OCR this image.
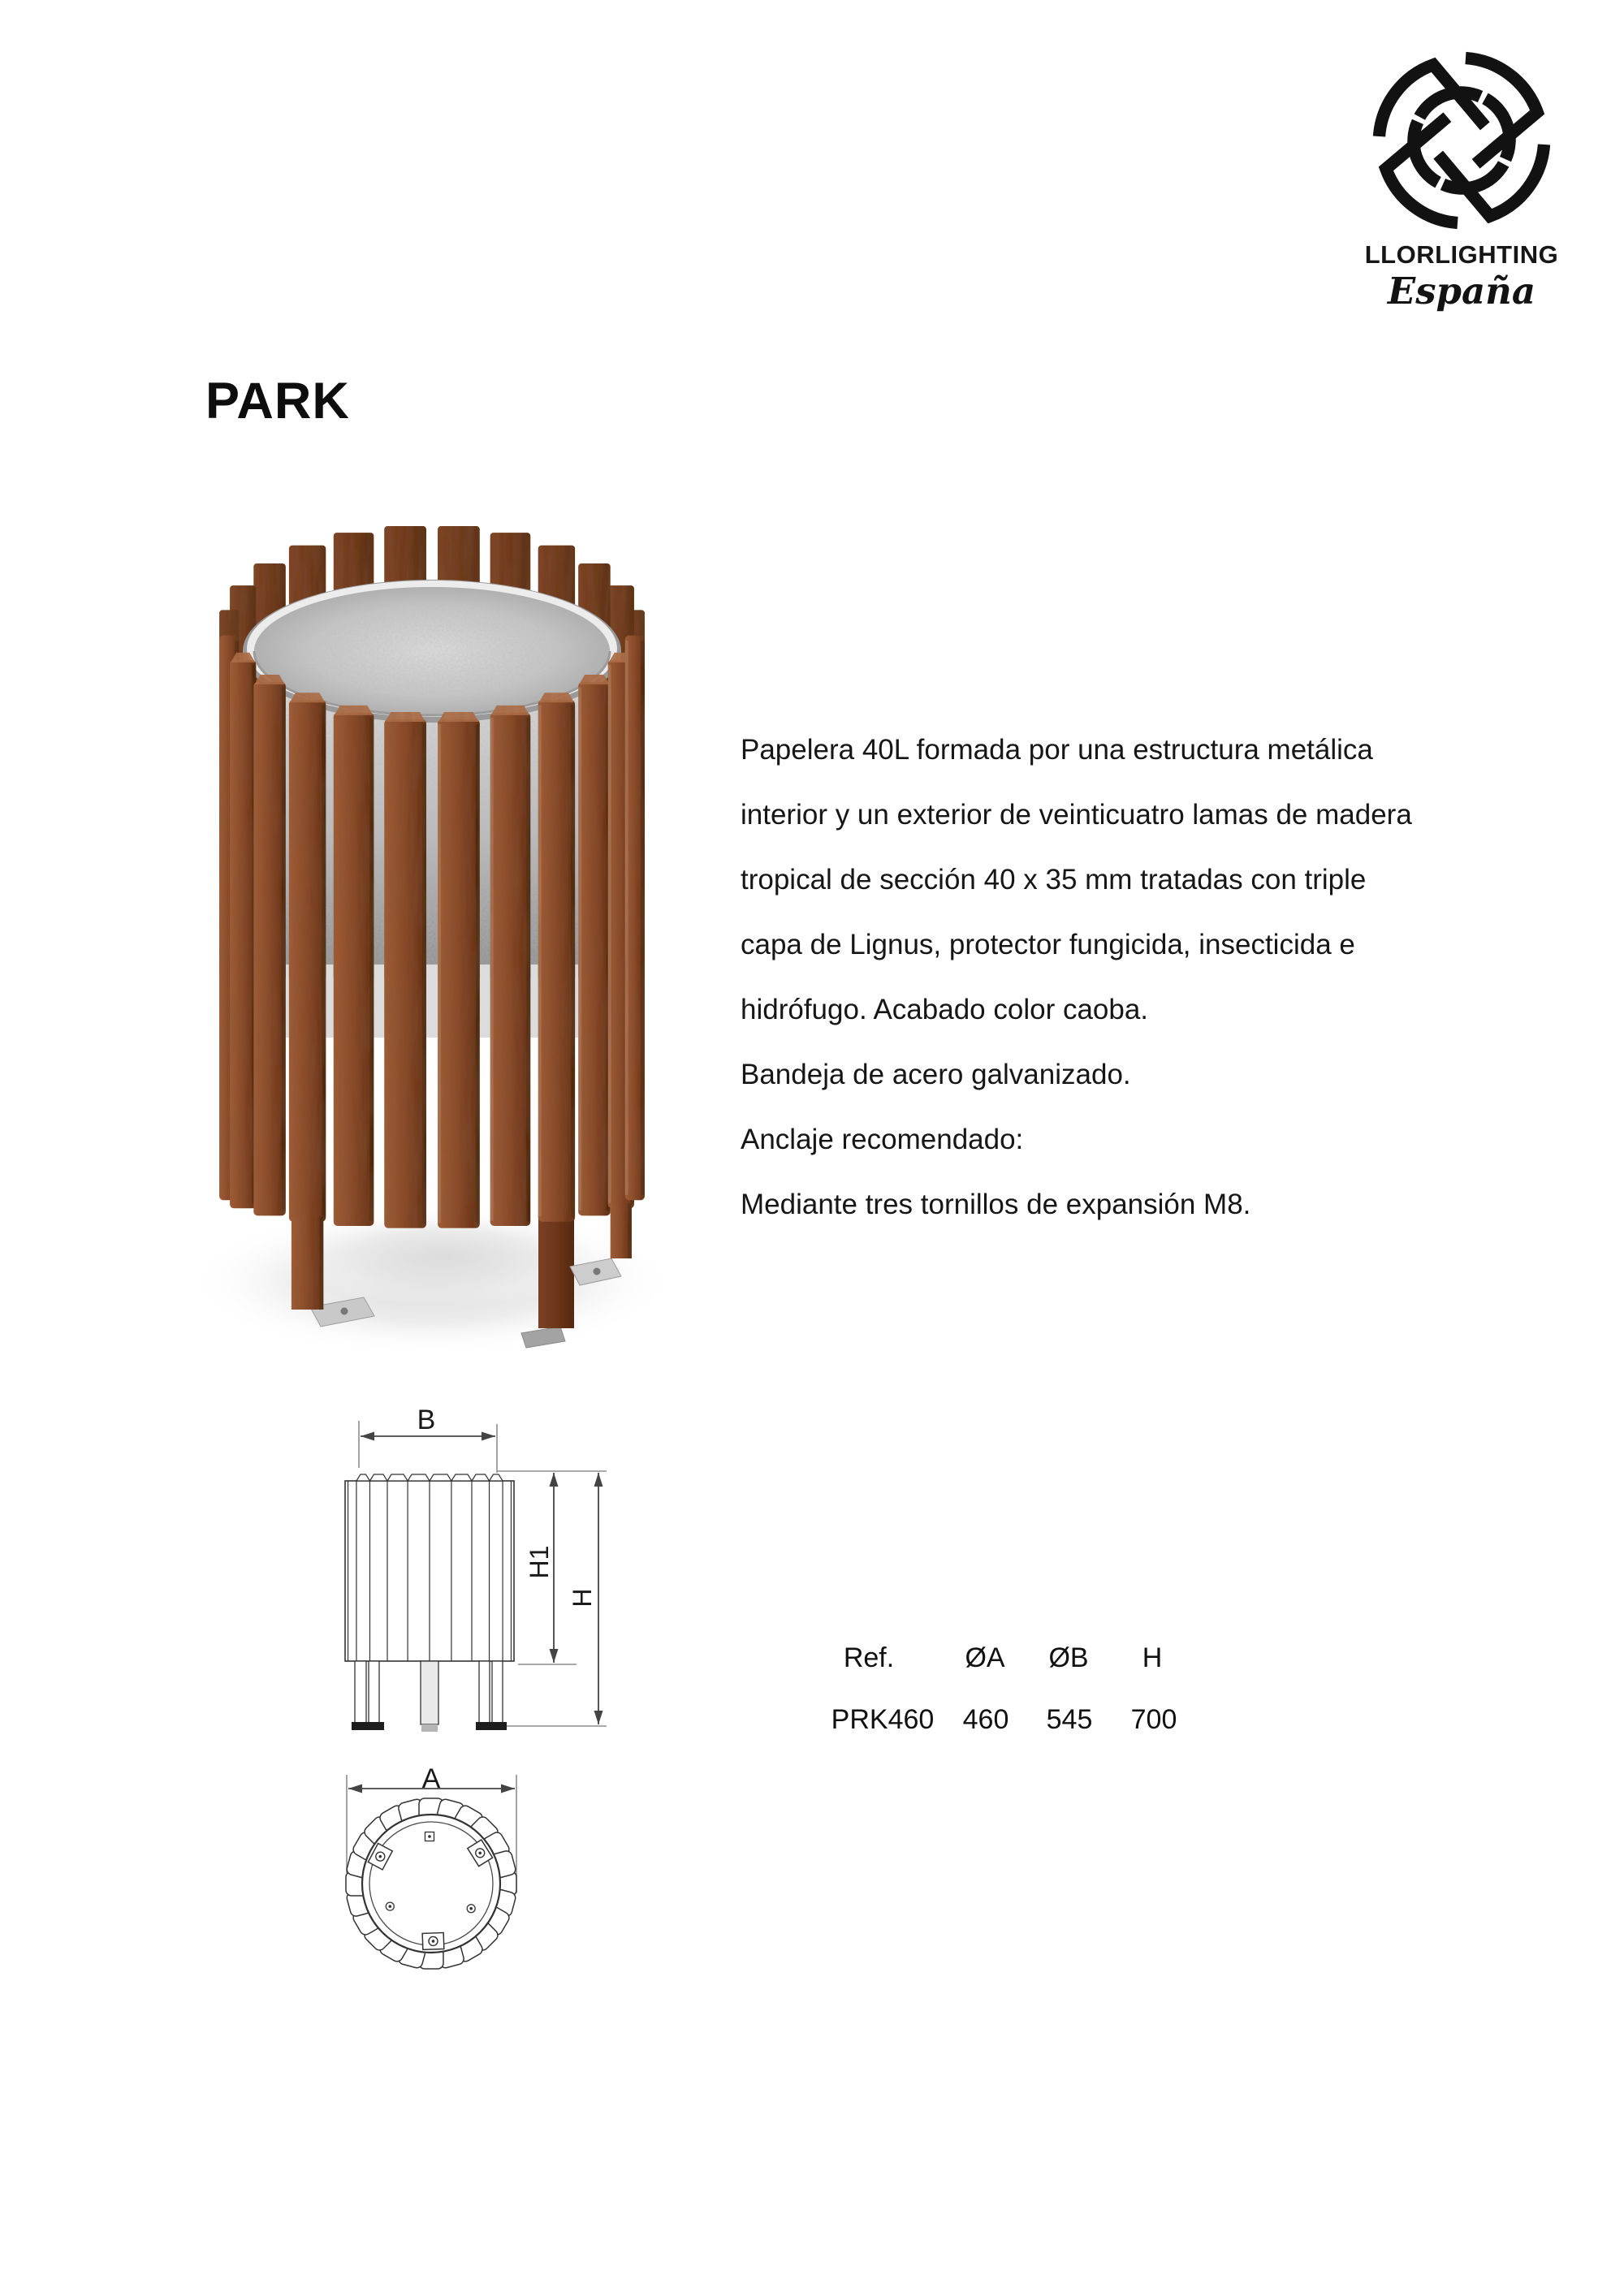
LLORLIGHTING
España
PARK

Papelera 40L formada por una estructura metálica

interior y un exterior de veinticuatro lamas de madera

tropical de sección 40 x 35 mm tratadas con triple

capa de Lignus, protector fungicida, insecticida e

hidrófugo. Acabado color caoba.

Bandeja de acero galvanizado.

Anclaje recomendado:

Mediante tres tornillos de expansión M8.

B
H1
H
A
Ref.	ØA ØB H
PRK460 460 545 700
